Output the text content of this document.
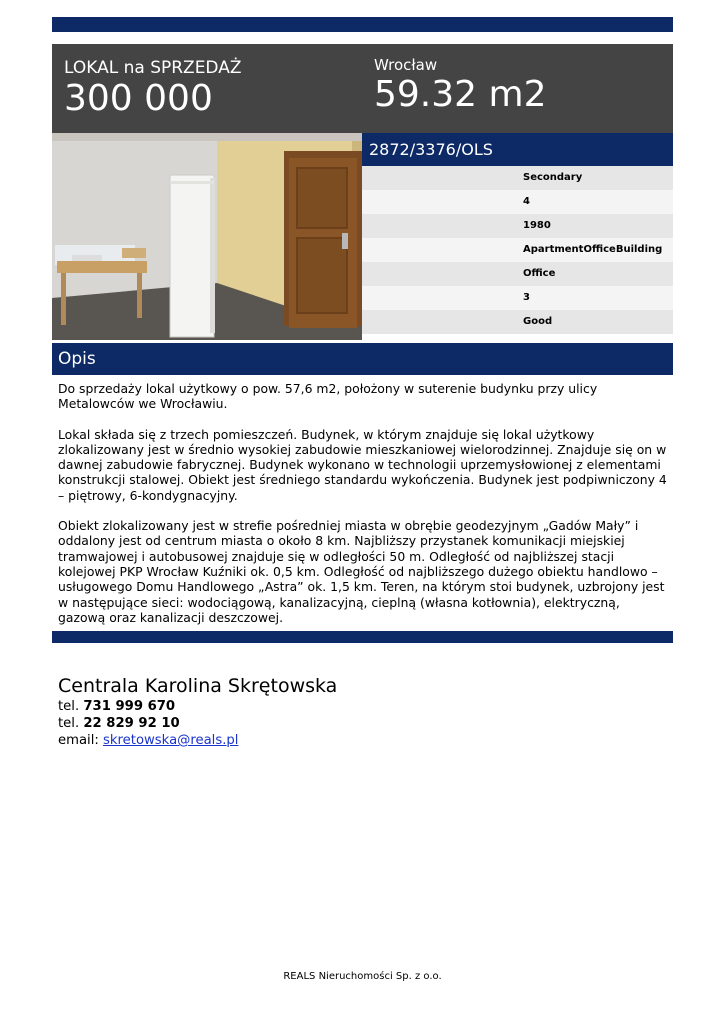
LOKAL na SPRZEDAŻ
300 000
Wrocław
59.32 m2
2872/3376/OLS
Secondary
4
1980
ApartmentOfficeBuilding
Office
3
Good
Opis

Do sprzedaży lokal użytkowy o pow. 57,6 m2, położony w suterenie budynku przy ulicy Metalowców we Wrocławiu.

Lokal składa się z trzech pomieszczeń. Budynek, w którym znajduje się lokal użytkowy zlokalizowany jest w średnio wysokiej zabudowie mieszkaniowej wielorodzinnej. Znajduje się on w dawnej zabudowie fabrycznej. Budynek wykonano w technologii uprzemysłowionej z elementami konstrukcji stalowej. Obiekt jest średniego standardu wykończenia. Budynek jest podpiwniczony 4 – piętrowy, 6-kondygnacyjny.

Obiekt zlokalizowany jest w strefie pośredniej miasta w obrębie geodezyjnym „Gadów Mały” i oddalony jest od centrum miasta o około 8 km. Najbliższy przystanek komunikacji miejskiej tramwajowej i autobusowej znajduje się w odległości 50 m. Odległość od najbliższej stacji kolejowej PKP Wrocław Kuźniki ok. 0,5 km. Odległość od najbliższego dużego obiektu handlowo – usługowego Domu Handlowego „Astra” ok. 1,5 km. Teren, na którym stoi budynek, uzbrojony jest w następujące sieci: wodociągową, kanalizacyjną, cieplną (własna kotłownia), elektryczną, gazową oraz kanalizacji deszczowej.

Centrala Karolina Skrętowska
tel. 731 999 670
tel. 22 829 92 10
email: skretowska@reals.pl
REALS Nieruchomości Sp. z o.o.
